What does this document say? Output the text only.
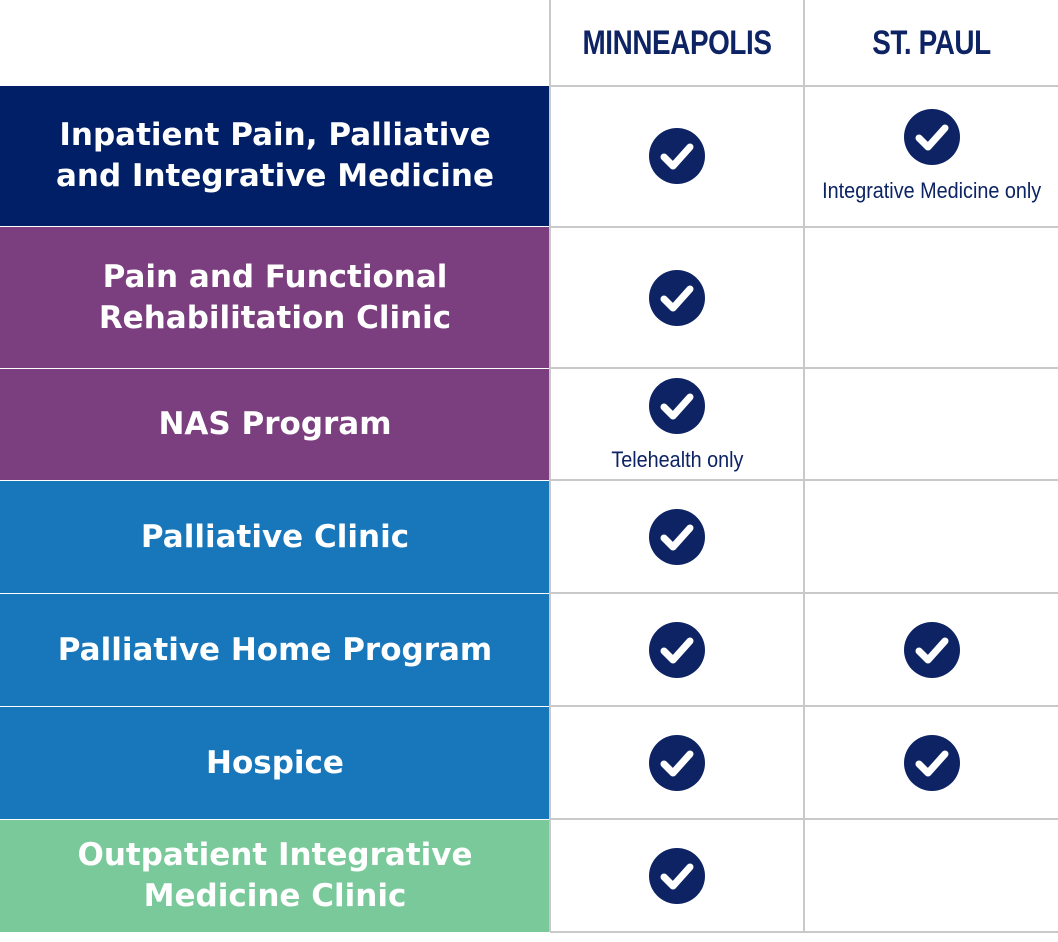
MINNEAPOLIS	ST. PAUL
Inpatient Pain, Palliative and Integrative Medicine
Pain and Functional Rehabilitation Clinic
NAS Program
Palliative Clinic
Palliative Home Program
Hospice
Outpatient Integrative Medicine Clinic
Integrative Medicine only
Telehealth only
